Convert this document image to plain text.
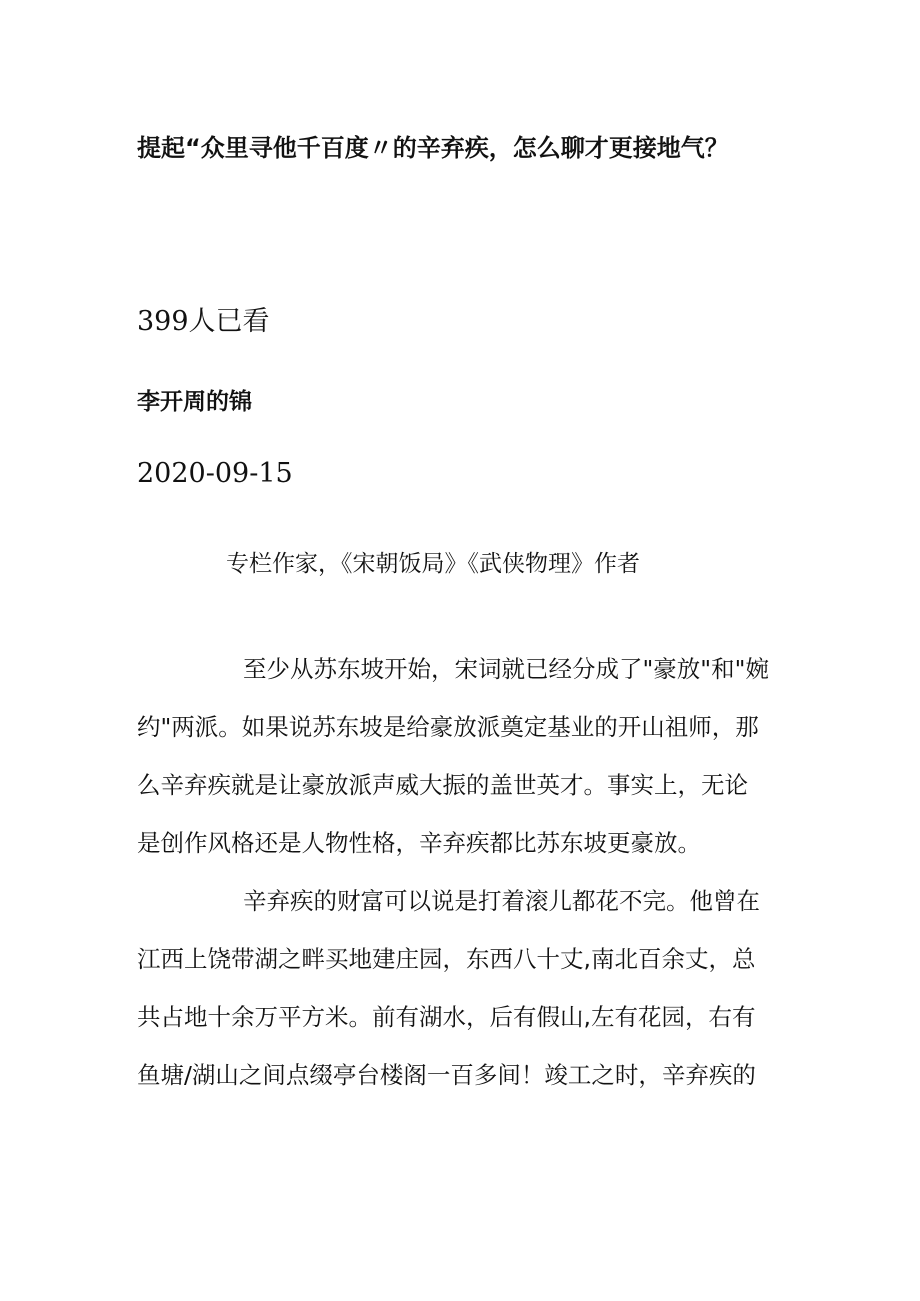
提起“众里寻他千百度〃的辛弃疾，怎么聊才更接地气？
399人已看
李开周的锦
2020-09-15
专栏作家，《宋朝饭局》《武侠物理》作者
至少从苏东坡开始，宋词就已经分成了"豪放"和"婉
约"两派。如果说苏东坡是给豪放派奠定基业的开山祖师，那
么辛弃疾就是让豪放派声威大振的盖世英才。事实上，无论
是创作风格还是人物性格，辛弃疾都比苏东坡更豪放。
辛弃疾的财富可以说是打着滚儿都花不完。他曾在
江西上饶带湖之畔买地建庄园，东西八十丈,南北百余丈，总
共占地十余万平方米。前有湖水，后有假山,左有花园，右有
鱼塘/湖山之间点缀亭台楼阁一百多间！竣工之时，辛弃疾的
